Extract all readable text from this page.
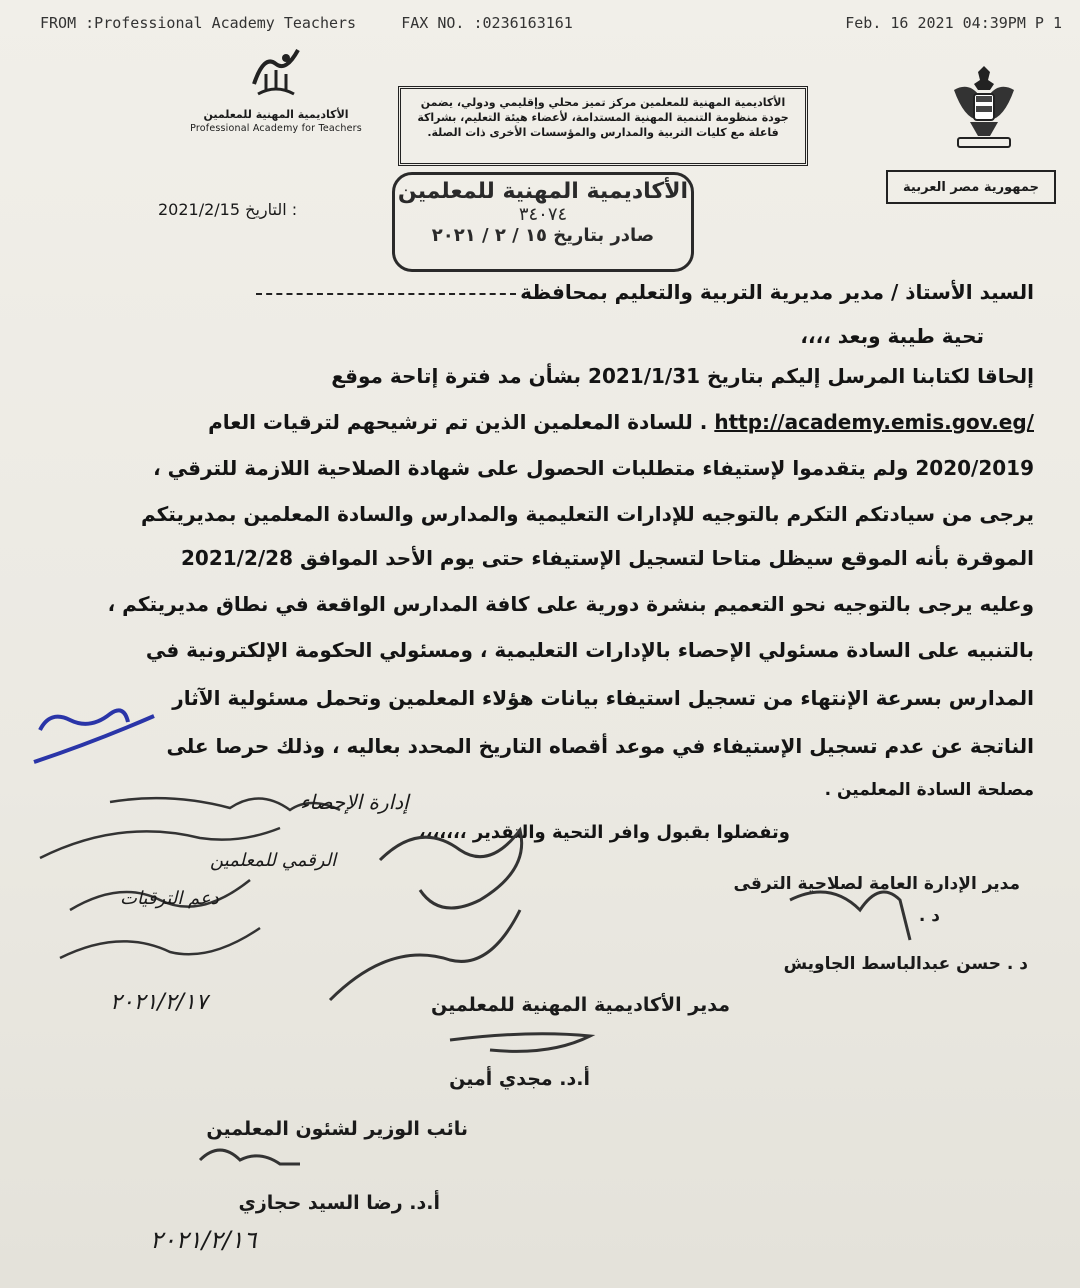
FROM :Professional Academy Teachers	FAX NO. :0236163161	Feb. 16 2021 04:39PM P 1
جمهورية مصر العربية
الأكاديمية المهنية للمعلمين مركز تميز محلي وإقليمي ودولي، يضمن جودة منظومة التنمية المهنية المستدامة، لأعضاء هيئة التعليم، بشراكة فاعلة مع كليات التربية والمدارس والمؤسسات الأخرى ذات الصلة.
الأكاديمية المهنية للمعلمين
Professional Academy for Teachers
2021/2/15 التاريخ :
الأكاديمية المهنية للمعلمين
٣٤٠٧٤
صادر بتاريخ ١٥ / ٢ / ٢٠٢١
السيد الأستاذ / مدير مديرية التربية والتعليم بمحافظة
تحية طيبة وبعد ،،،،
إلحاقا لكتابنا المرسل إليكم بتاريخ 2021/1/31 بشأن مد فترة إتاحة موقع
http://academy.emis.gov.eg/ . للسادة المعلمين الذين تم ترشيحهم لترقيات العام
2020/2019 ولم يتقدموا لإستيفاء متطلبات الحصول على شهادة الصلاحية اللازمة للترقي ،
يرجى من سيادتكم التكرم بالتوجيه للإدارات التعليمية والمدارس والسادة المعلمين بمديريتكم
الموقرة بأنه الموقع سيظل متاحا لتسجيل الإستيفاء حتى يوم الأحد الموافق 2021/2/28
وعليه يرجى بالتوجيه نحو التعميم بنشرة دورية على كافة المدارس الواقعة في نطاق مديريتكم ،
بالتنبيه على السادة مسئولي الإحصاء بالإدارات التعليمية ، ومسئولي الحكومة الإلكترونية في
المدارس بسرعة الإنتهاء من تسجيل استيفاء بيانات هؤلاء المعلمين وتحمل مسئولية الآثار
الناتجة عن عدم تسجيل الإستيفاء في موعد أقصاه التاريخ المحدد بعاليه ، وذلك حرصا على
مصلحة السادة المعلمين .
وتفضلوا بقبول وافر التحية والتقدير ،،،،،،،
مدير الإدارة العامة لصلاحية الترقى
د .
د . حسن عبدالباسط الجاويش
مدير الأكاديمية المهنية للمعلمين
أ.د. مجدي أمين
نائب الوزير لشئون المعلمين
أ.د. رضا السيد حجازي
إدارة الإحصاء
الرقمي للمعلمين
دعم الترقيات
٢٠٢١/٢/١٦
٢٠٢١/٢/١٧
